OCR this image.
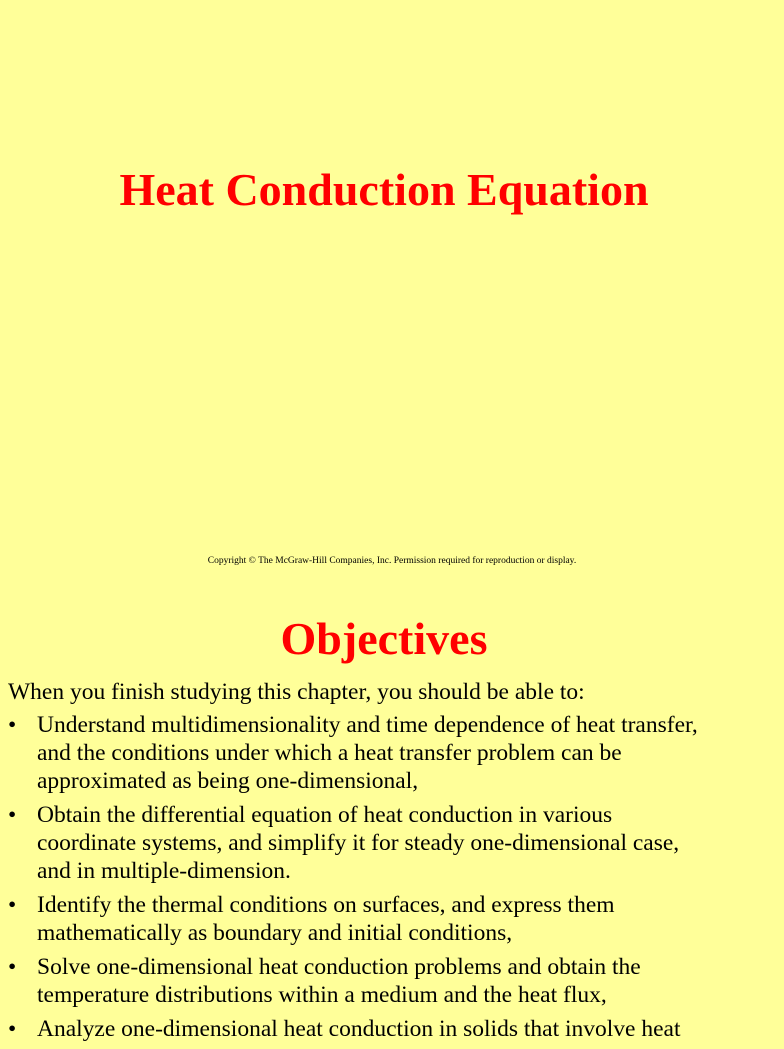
Heat Conduction Equation

Copyright © The McGraw-Hill Companies, Inc. Permission required for reproduction or display.

Objectives

When you finish studying this chapter, you should be able to:

• Understand multidimensionality and time dependence of heat transfer,
and the conditions under which a heat transfer problem can be
approximated as being one-dimensional,
• Obtain the differential equation of heat conduction in various
coordinate systems, and simplify it for steady one-dimensional case,
and in multiple-dimension.
• Identify the thermal conditions on surfaces, and express them
mathematically as boundary and initial conditions,
• Solve one-dimensional heat conduction problems and obtain the
temperature distributions within a medium and the heat flux,
• Analyze one-dimensional heat conduction in solids that involve heat
